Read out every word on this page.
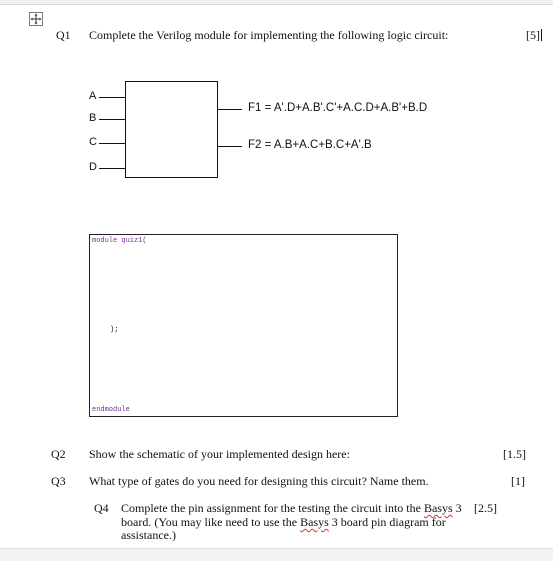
Q1 Complete the Verilog module for implementing the following logic circuit:	[5]
A
B
C
D
F1 = A'.D+A.B'.C'+A.C.D+A.B'+B.D
F2 = A.B+A.C+B.C+A'.B
module quiz1(
);
endmodule
Q2 Show the schematic of your implemented design here:	[1.5]
Q3 What type of gates do you need for designing this circuit? Name them.	[1]
Q4 Complete the pin assignment for the testing the circuit into the Basys 3 [2.5]
board. (You may like need to use the Basys 3 board pin diagram for
assistance.)
